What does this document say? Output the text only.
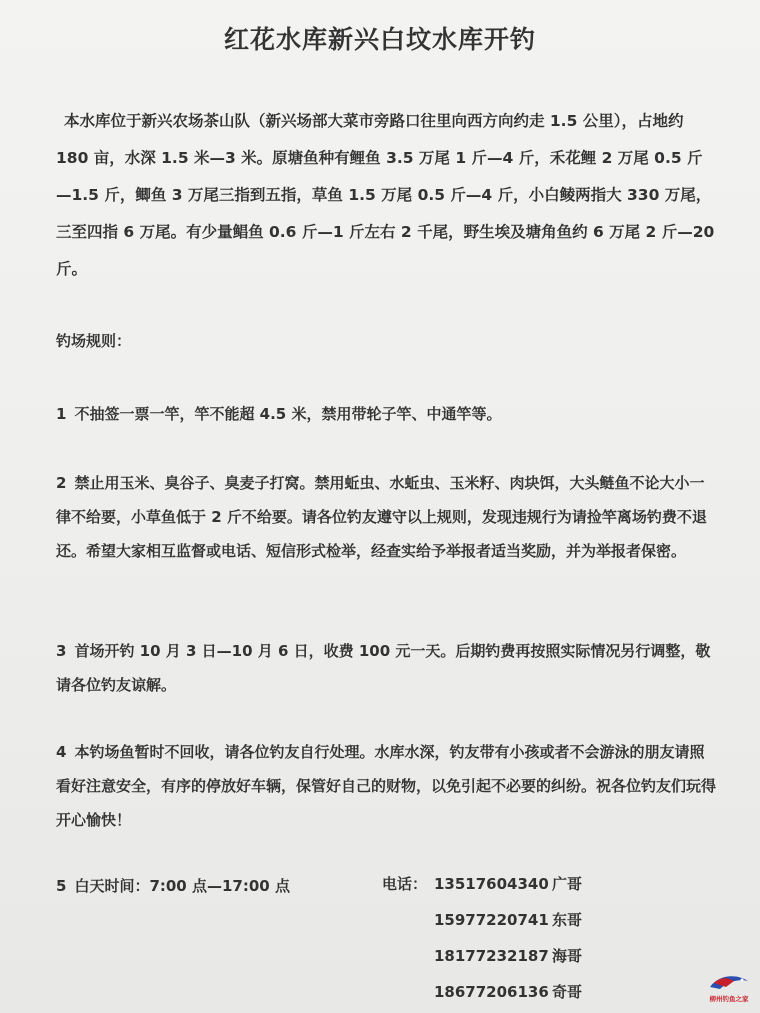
红花水库新兴白坟水库开钓
本水库位于新兴农场茶山队（新兴场部大菜市旁路口往里向西方向约走 1.5 公里），占地约 180 亩，水深 1.5 米—3 米。原塘鱼种有鲤鱼 3.5 万尾 1 斤—4 斤，禾花鲤 2 万尾 0.5 斤—1.5 斤，鲫鱼 3 万尾三指到五指，草鱼 1.5 万尾 0.5 斤—4 斤，小白鲮两指大 330 万尾，三至四指 6 万尾。有少量鲳鱼 0.6 斤—1 斤左右 2 千尾，野生埃及塘角鱼约 6 万尾 2 斤—20 斤。
钓场规则：
1 不抽签一票一竿，竿不能超 4.5 米，禁用带轮子竿、中通竿等。
2 禁止用玉米、臭谷子、臭麦子打窝。禁用蚯虫、水蚯虫、玉米籽、肉块饵，大头鲢鱼不论大小一律不给要，小草鱼低于 2 斤不给要。请各位钓友遵守以上规则，发现违规行为请捡竿离场钓费不退还。希望大家相互监督或电话、短信形式检举，经查实给予举报者适当奖励，并为举报者保密。
3 首场开钓 10 月 3 日—10 月 6 日，收费 100 元一天。后期钓费再按照实际情况另行调整，敬请各位钓友谅解。
4 本钓场鱼暂时不回收，请各位钓友自行处理。水库水深，钓友带有小孩或者不会游泳的朋友请照看好注意安全，有序的停放好车辆，保管好自己的财物，以免引起不必要的纠纷。祝各位钓友们玩得开心愉快！
5 白天时间：7:00 点—17:00 点	电话： 13517604340 广哥
15977220741 东哥
18177232187 海哥
18677206136 奇哥	柳州钓鱼之家
